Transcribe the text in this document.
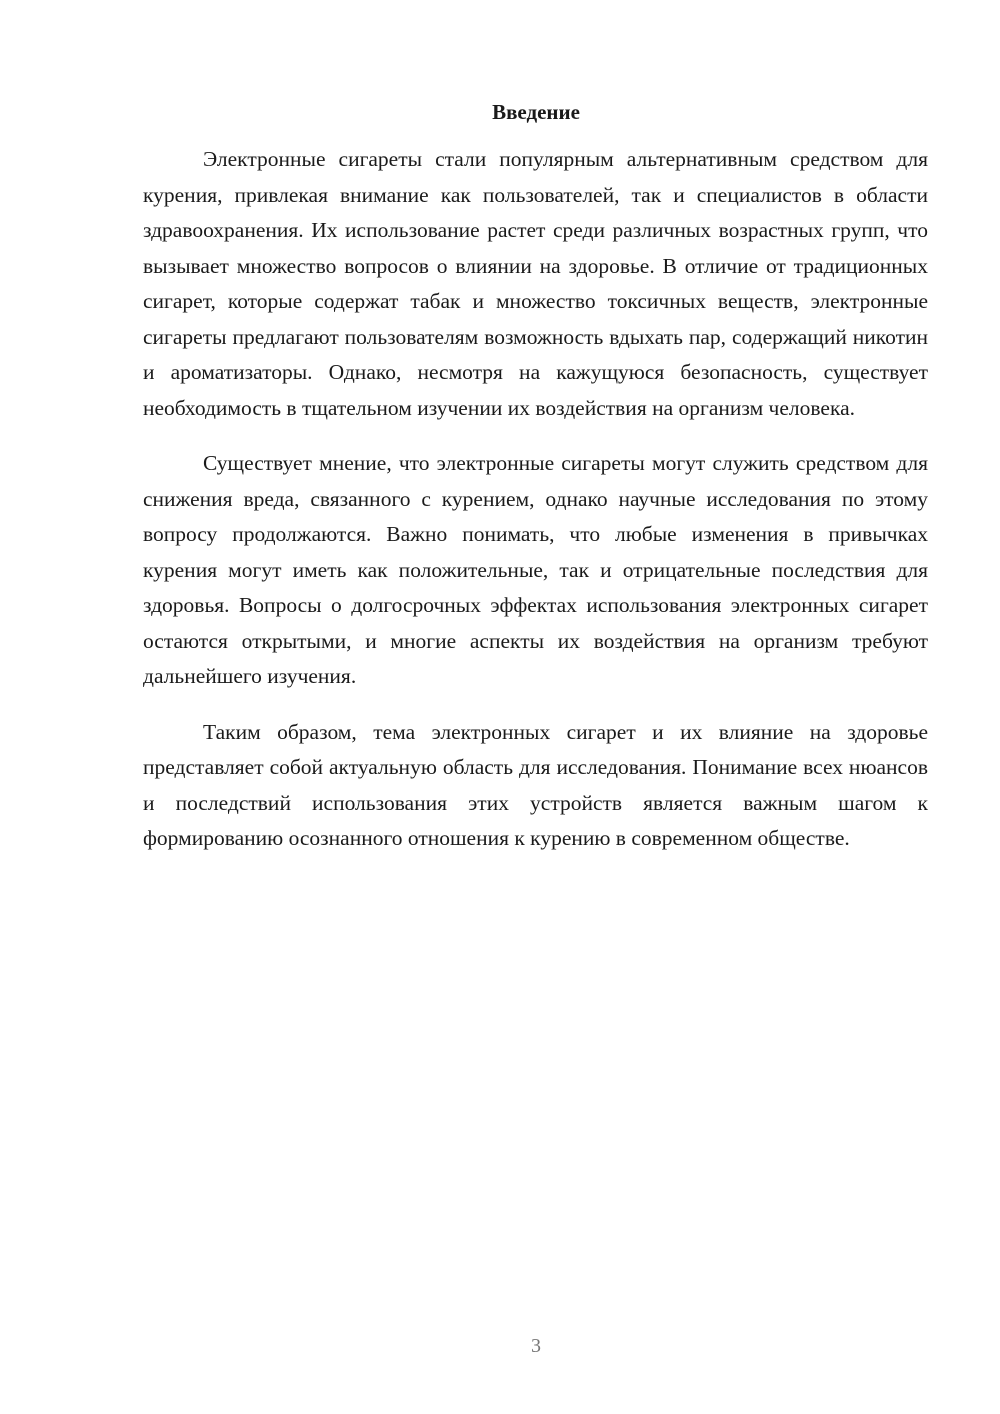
Введение

Электронные сигареты стали популярным альтернативным средством для курения, привлекая внимание как пользователей, так и специалистов в области здравоохранения. Их использование растет среди различных возрастных групп, что вызывает множество вопросов о влиянии на здоровье. В отличие от традиционных сигарет, которые содержат табак и множество токсичных веществ, электронные сигареты предлагают пользователям возможность вдыхать пар, содержащий никотин и ароматизаторы. Однако, несмотря на кажущуюся безопасность, существует необходимость в тщательном изучении их воздействия на организм человека.

Существует мнение, что электронные сигареты могут служить средством для снижения вреда, связанного с курением, однако научные исследования по этому вопросу продолжаются. Важно понимать, что любые изменения в привычках курения могут иметь как положительные, так и отрицательные последствия для здоровья. Вопросы о долгосрочных эффектах использования электронных сигарет остаются открытыми, и многие аспекты их воздействия на организм требуют дальнейшего изучения.

Таким образом, тема электронных сигарет и их влияние на здоровье представляет собой актуальную область для исследования. Понимание всех нюансов и последствий использования этих устройств является важным шагом к формированию осознанного отношения к курению в современном обществе.

3
